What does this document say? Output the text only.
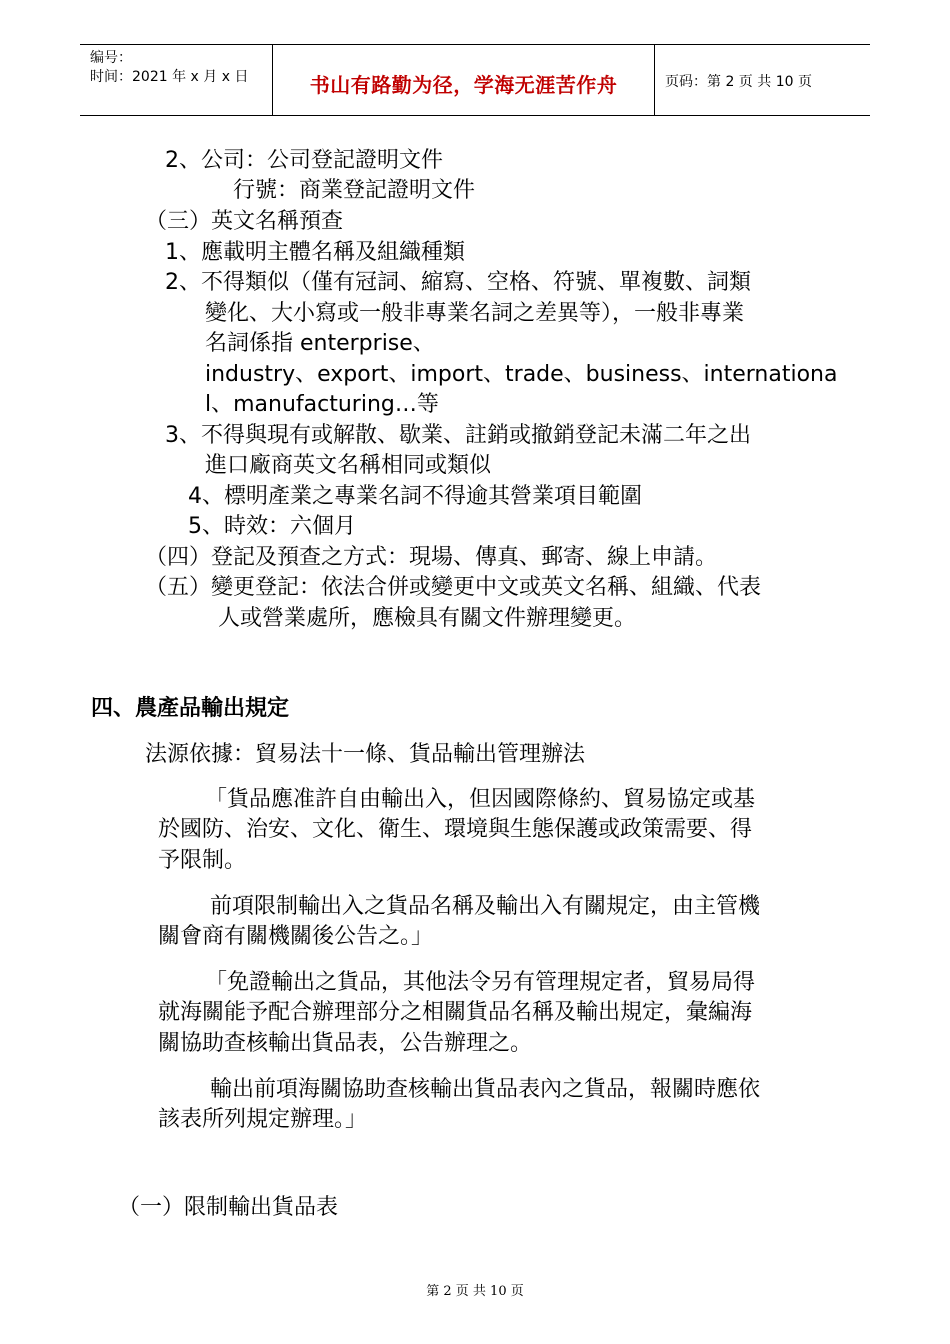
编号：
时间：2021 年 x 月 x 日	书山有路勤为径，学海无涯苦作舟	页码：第 2 页 共 10 页
2、公司：公司登記證明文件
行號：商業登記證明文件
（三）英文名稱預查
1、應載明主體名稱及組織種類
2、不得類似（僅有冠詞、縮寫、空格、符號、單複數、詞類
變化、大小寫或一般非專業名詞之差異等），一般非專業
名詞係指 enterprise、
industry、export、import、trade、business、internationa
l、manufacturing…等
3、不得與現有或解散、歇業、註銷或撤銷登記未滿二年之出
進口廠商英文名稱相同或類似
4、標明產業之專業名詞不得逾其營業項目範圍
5、時效：六個月
（四）登記及預查之方式：現場、傳真、郵寄、線上申請。
（五）變更登記：依法合併或變更中文或英文名稱、組織、代表
人或營業處所，應檢具有關文件辦理變更。
四、農產品輸出規定
法源依據：貿易法十一條、貨品輸出管理辦法
「貨品應准許自由輸出入，但因國際條約、貿易協定或基
於國防、治安、文化、衛生、環境與生態保護或政策需要、得
予限制。
前項限制輸出入之貨品名稱及輸出入有關規定，由主管機
關會商有關機關後公告之。」
「免證輸出之貨品，其他法令另有管理規定者，貿易局得
就海關能予配合辦理部分之相關貨品名稱及輸出規定，彙編海
關協助查核輸出貨品表，公告辦理之。
輸出前項海關協助查核輸出貨品表內之貨品，報關時應依
該表所列規定辦理。」
（一）限制輸出貨品表
第 2 页 共 10 页
